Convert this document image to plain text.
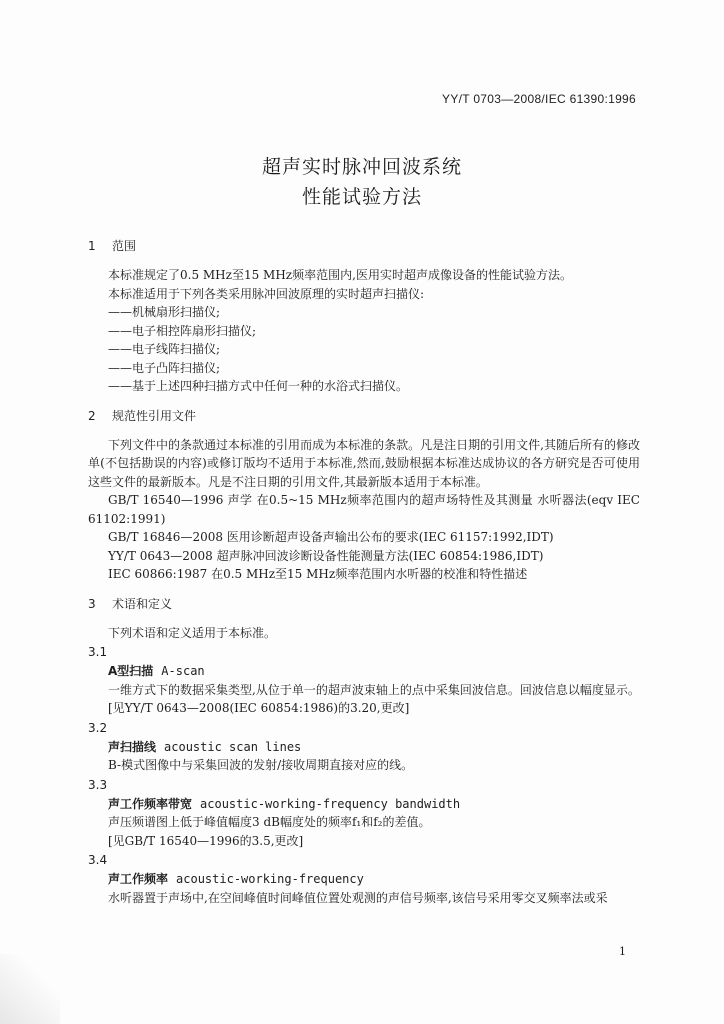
YY/T 0703—2008/IEC 61390:1996
超声实时脉冲回波系统
性能试验方法
1 范围
本标准规定了0.5 MHz至15 MHz频率范围内,医用实时超声成像设备的性能试验方法。
本标准适用于下列各类采用脉冲回波原理的实时超声扫描仪:
——机械扇形扫描仪;
——电子相控阵扇形扫描仪;
——电子线阵扫描仪;
——电子凸阵扫描仪;
——基于上述四种扫描方式中任何一种的水浴式扫描仪。
2 规范性引用文件
下列文件中的条款通过本标准的引用而成为本标准的条款。凡是注日期的引用文件,其随后所有的修改单(不包括勘误的内容)或修订版均不适用于本标准,然而,鼓励根据本标准达成协议的各方研究是否可使用这些文件的最新版本。凡是不注日期的引用文件,其最新版本适用于本标准。
GB/T 16540—1996 声学 在0.5~15 MHz频率范围内的超声场特性及其测量 水听器法(eqv IEC 61102:1991)
GB/T 16846—2008 医用诊断超声设备声输出公布的要求(IEC 61157:1992,IDT)
YY/T 0643—2008 超声脉冲回波诊断设备性能测量方法(IEC 60854:1986,IDT)
IEC 60866:1987 在0.5 MHz至15 MHz频率范围内水听器的校准和特性描述
3 术语和定义
下列术语和定义适用于本标准。
3.1
A型扫描 A-scan
一维方式下的数据采集类型,从位于单一的超声波束轴上的点中采集回波信息。回波信息以幅度显示。
[见YY/T 0643—2008(IEC 60854:1986)的3.20,更改]
3.2
声扫描线 acoustic scan lines
B-模式图像中与采集回波的发射/接收周期直接对应的线。
3.3
声工作频率带宽 acoustic-working-frequency bandwidth
声压频谱图上低于峰值幅度3 dB幅度处的频率f₁和f₂的差值。
[见GB/T 16540—1996的3.5,更改]
3.4
声工作频率 acoustic-working-frequency
水听器置于声场中,在空间峰值时间峰值位置处观测的声信号频率,该信号采用零交叉频率法或采
1
